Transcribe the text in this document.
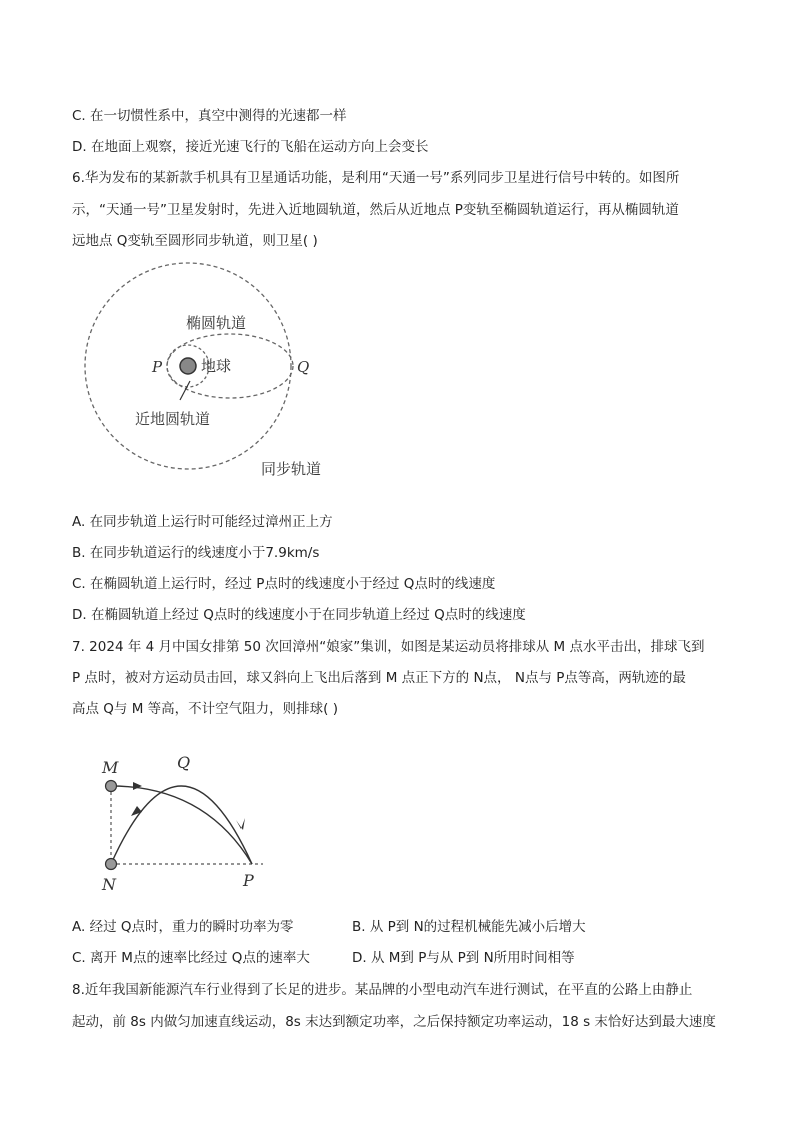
C. 在一切惯性系中，真空中测得的光速都一样
D. 在地面上观察，接近光速飞行的飞船在运动方向上会变长
6.华为发布的某新款手机具有卫星通话功能，是利用“天通一号”系列同步卫星进行信号中转的。如图所
示，“天通一号”卫星发射时，先进入近地圆轨道，然后从近地点 P变轨至椭圆轨道运行，再从椭圆轨道
远地点 Q变轨至圆形同步轨道，则卫星( )
椭圆轨道
地球
近地圆轨道
同步轨道
P	Q
A. 在同步轨道上运行时可能经过漳州正上方
B. 在同步轨道运行的线速度小于7.9km/s
C. 在椭圆轨道上运行时，经过 P点时的线速度小于经过 Q点时的线速度
D. 在椭圆轨道上经过 Q点时的线速度小于在同步轨道上经过 Q点时的线速度
7. 2024 年 4 月中国女排第 50 次回漳州“娘家”集训，如图是某运动员将排球从 M 点水平击出，排球飞到
P 点时，被对方运动员击回，球又斜向上飞出后落到 M 点正下方的 N点， N点与 P点等高，两轨迹的最
高点 Q与 M 等高，不计空气阻力，则排球( )
M	Q
N	P
A. 经过 Q点时，重力的瞬时功率为零	B. 从 P到 N的过程机械能先减小后增大
C. 离开 M点的速率比经过 Q点的速率大	D. 从 M到 P与从 P到 N所用时间相等
8.近年我国新能源汽车行业得到了长足的进步。某品牌的小型电动汽车进行测试，在平直的公路上由静止
起动，前 8s 内做匀加速直线运动，8s 末达到额定功率，之后保持额定功率运动，18 s 末恰好达到最大速度
